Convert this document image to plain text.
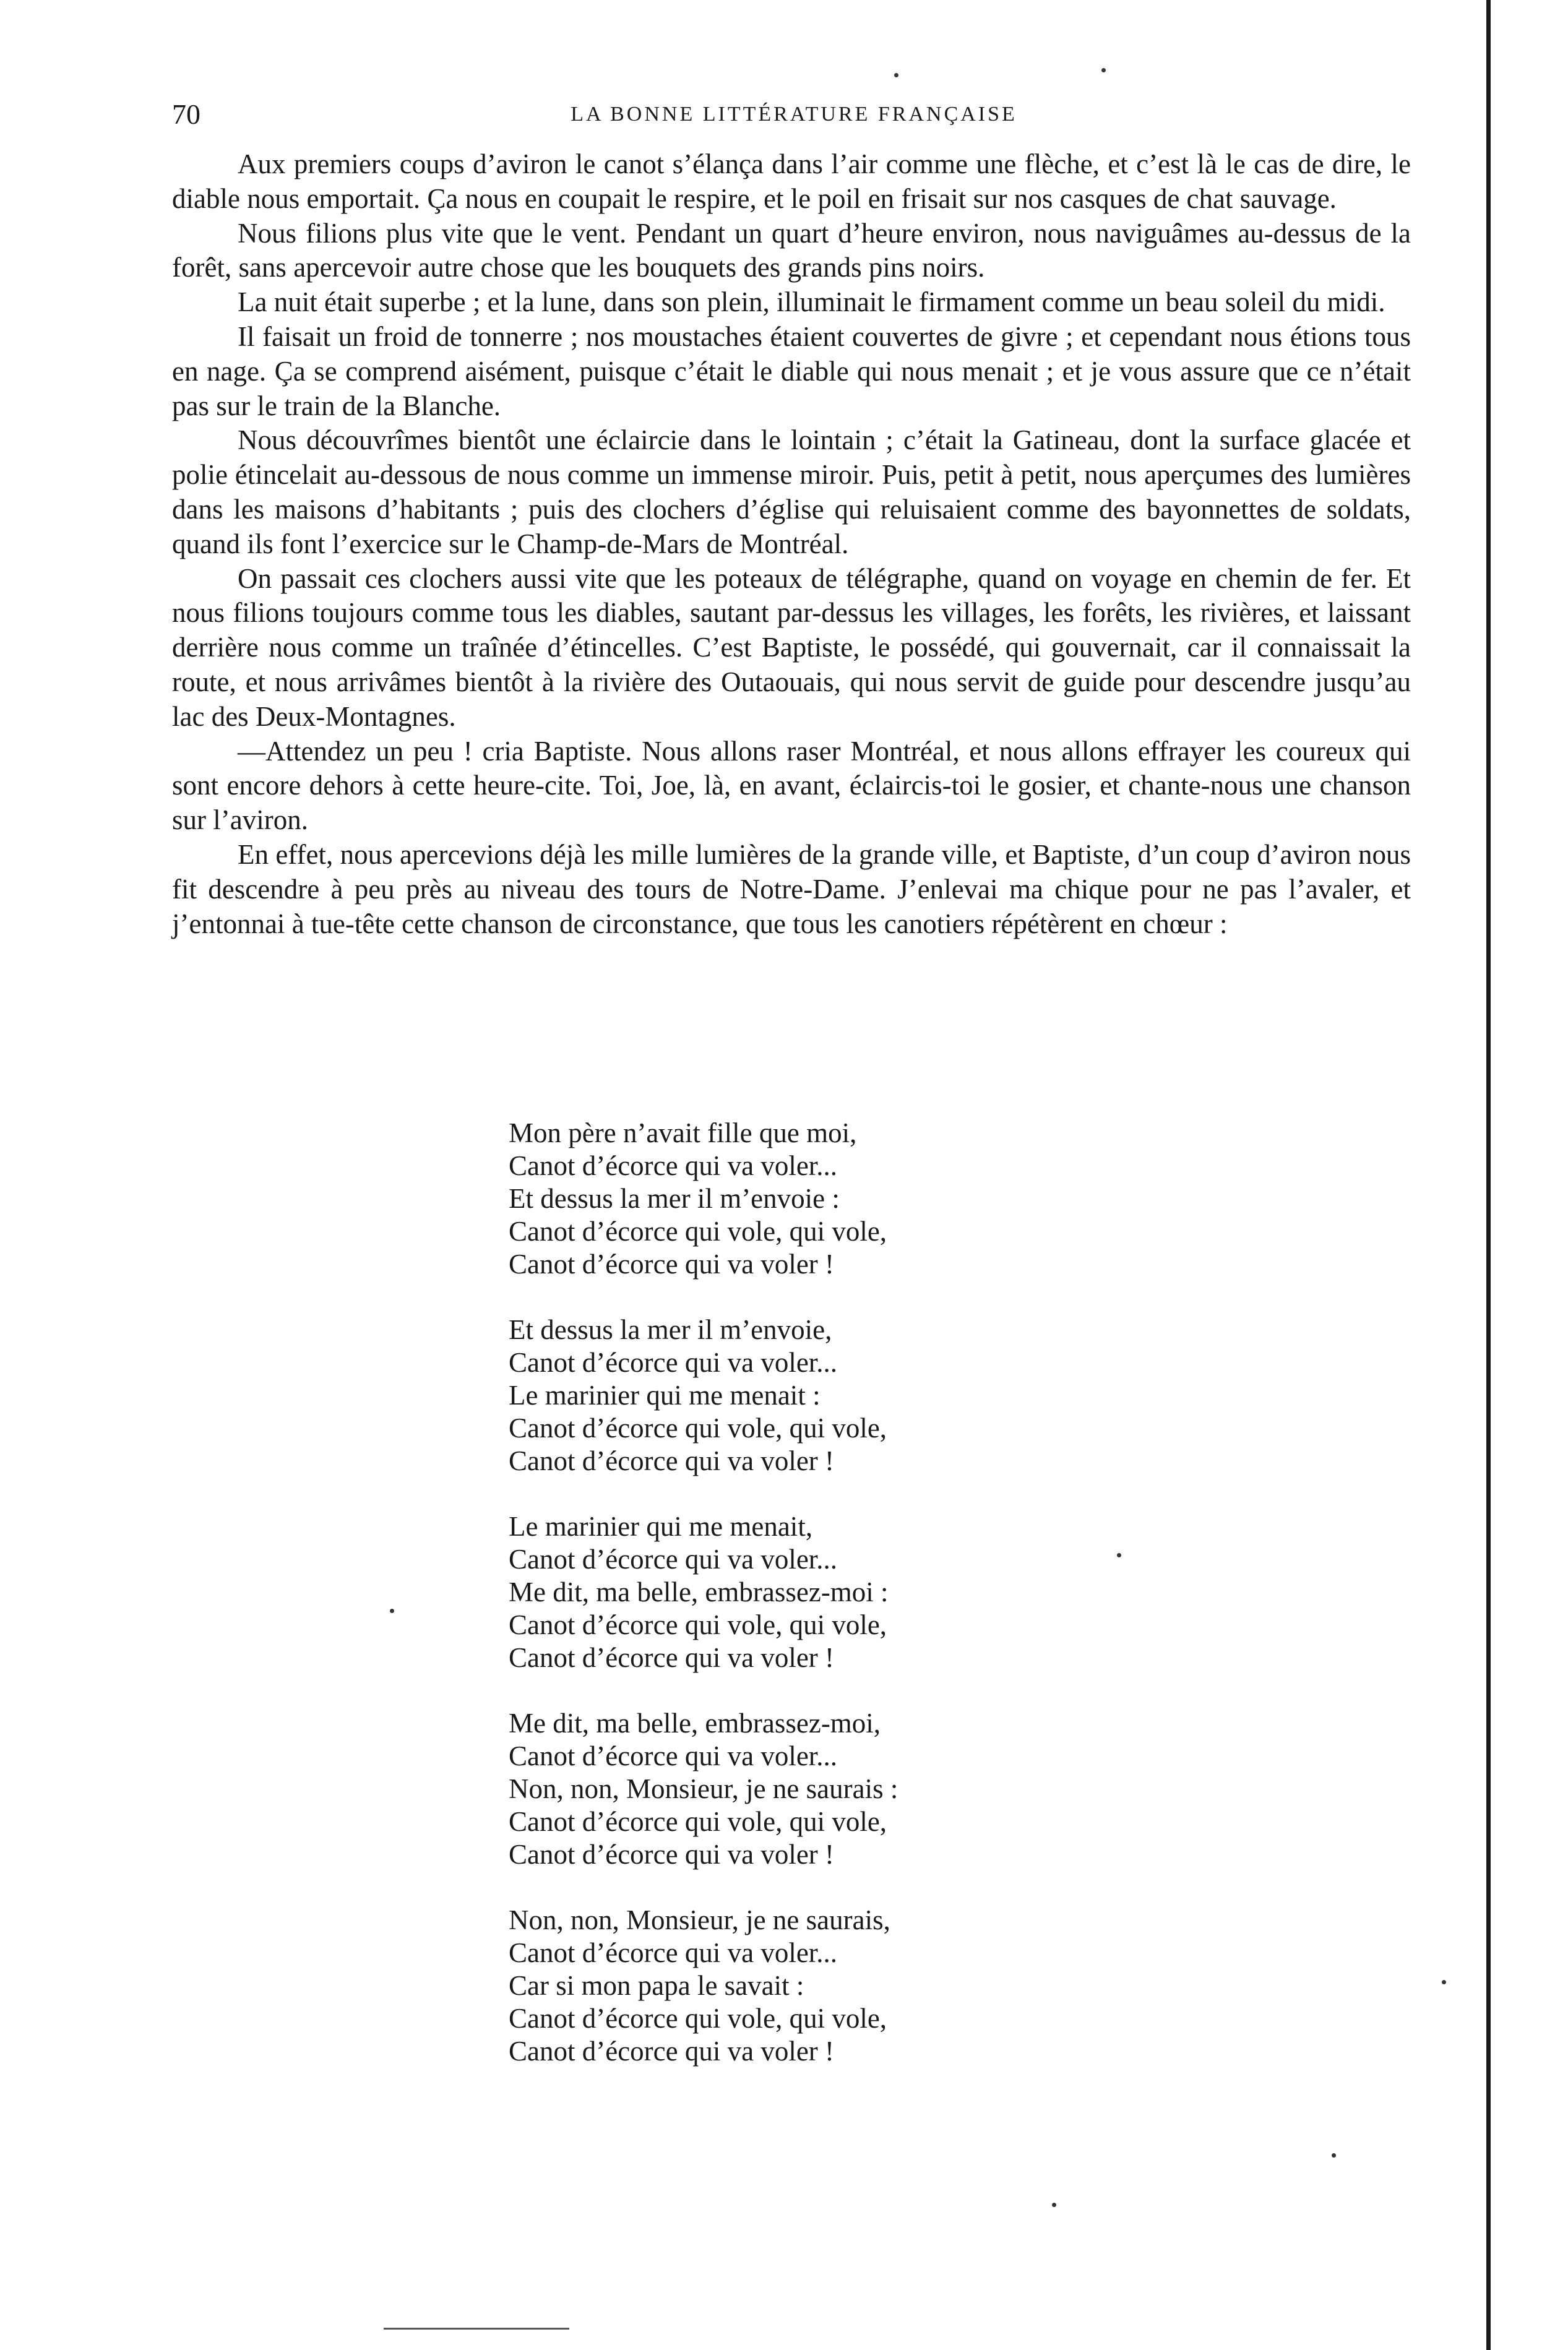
70	LA BONNE LITTÉRATURE FRANÇAISE

Aux premiers coups d’aviron le canot s’élança dans l’air comme une flèche, et c’est là le cas de dire, le diable nous emportait. Ça nous en coupait le respire, et le poil en frisait sur nos casques de chat sauvage.

Nous filions plus vite que le vent. Pendant un quart d’heure environ, nous naviguâmes au-dessus de la forêt, sans apercevoir autre chose que les bouquets des grands pins noirs.

La nuit était superbe ; et la lune, dans son plein, illuminait le firmament comme un beau soleil du midi.

Il faisait un froid de tonnerre ; nos moustaches étaient couvertes de givre ; et cependant nous étions tous en nage. Ça se comprend aisément, puisque c’était le diable qui nous menait ; et je vous assure que ce n’était pas sur le train de la Blanche.

Nous découvrîmes bientôt une éclaircie dans le lointain ; c’était la Gatineau, dont la surface glacée et polie étincelait au-dessous de nous comme un immense miroir. Puis, petit à petit, nous aperçumes des lumières dans les maisons d’habitants ; puis des clochers d’église qui reluisaient comme des bayonnettes de soldats, quand ils font l’exercice sur le Champ-de-Mars de Montréal.

On passait ces clochers aussi vite que les poteaux de télégraphe, quand on voyage en chemin de fer. Et nous filions toujours comme tous les diables, sautant par-dessus les villages, les forêts, les rivières, et laissant derrière nous comme un traînée d’étincelles. C’est Baptiste, le possédé, qui gouvernait, car il connaissait la route, et nous arrivâmes bientôt à la rivière des Outaouais, qui nous servit de guide pour descendre jusqu’au lac des Deux-Montagnes.

—Attendez un peu ! cria Baptiste. Nous allons raser Montréal, et nous allons effrayer les coureux qui sont encore dehors à cette heure-cite. Toi, Joe, là, en avant, éclaircis-toi le gosier, et chante-nous une chanson sur l’aviron.

En effet, nous apercevions déjà les mille lumières de la grande ville, et Baptiste, d’un coup d’aviron nous fit descendre à peu près au niveau des tours de Notre-Dame. J’enlevai ma chique pour ne pas l’avaler, et j’entonnai à tue-tête cette chanson de circonstance, que tous les canotiers répétèrent en chœur :

Mon père n’avait fille que moi,
Canot d’écorce qui va voler...
Et dessus la mer il m’envoie :
Canot d’écorce qui vole, qui vole,
Canot d’écorce qui va voler !
Et dessus la mer il m’envoie,
Canot d’écorce qui va voler...
Le marinier qui me menait :
Canot d’écorce qui vole, qui vole,
Canot d’écorce qui va voler !
Le marinier qui me menait,
Canot d’écorce qui va voler...
Me dit, ma belle, embrassez-moi :
Canot d’écorce qui vole, qui vole,
Canot d’écorce qui va voler !
Me dit, ma belle, embrassez-moi,
Canot d’écorce qui va voler...
Non, non, Monsieur, je ne saurais :
Canot d’écorce qui vole, qui vole,
Canot d’écorce qui va voler !
Non, non, Monsieur, je ne saurais,
Canot d’écorce qui va voler...
Car si mon papa le savait :
Canot d’écorce qui vole, qui vole,
Canot d’écorce qui va voler !
